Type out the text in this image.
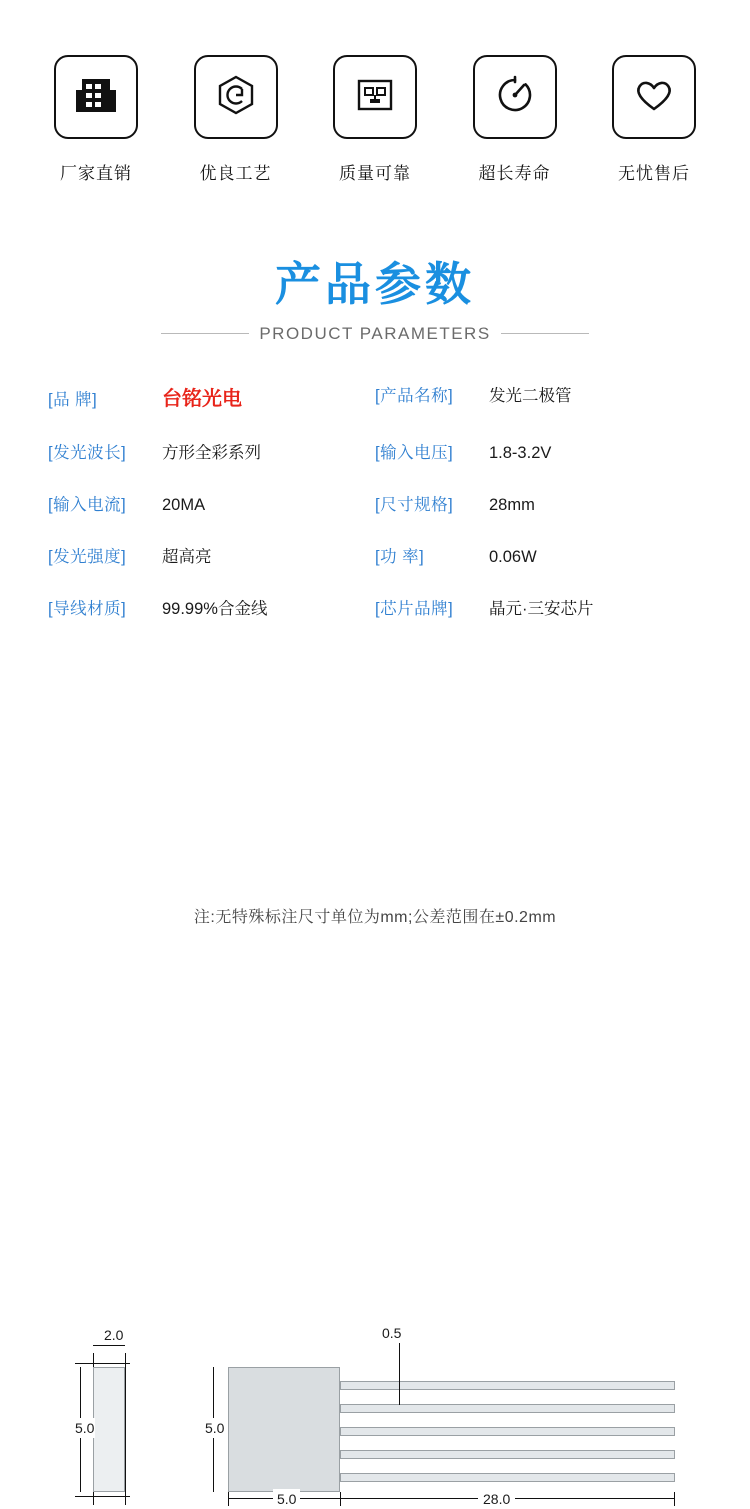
厂家直销	优良工艺	质量可靠	超长寿命	无忧售后
产品参数
PRODUCT PARAMETERS
[品 牌]	台铭光电	[产品名称]	发光二极管
[发光波长]	方形全彩系列	[输入电压]	1.8-3.2V
[输入电流]	20MA	[尺寸规格]	28mm
[发光强度]	超高亮	[功 率]	0.06W
[导线材质]	99.99%合金线	[芯片品牌]	晶元·三安芯片
2.0
5.0	5.0
5.0
0.5
28.0
注:无特殊标注尺寸单位为mm;公差范围在±0.2mm
